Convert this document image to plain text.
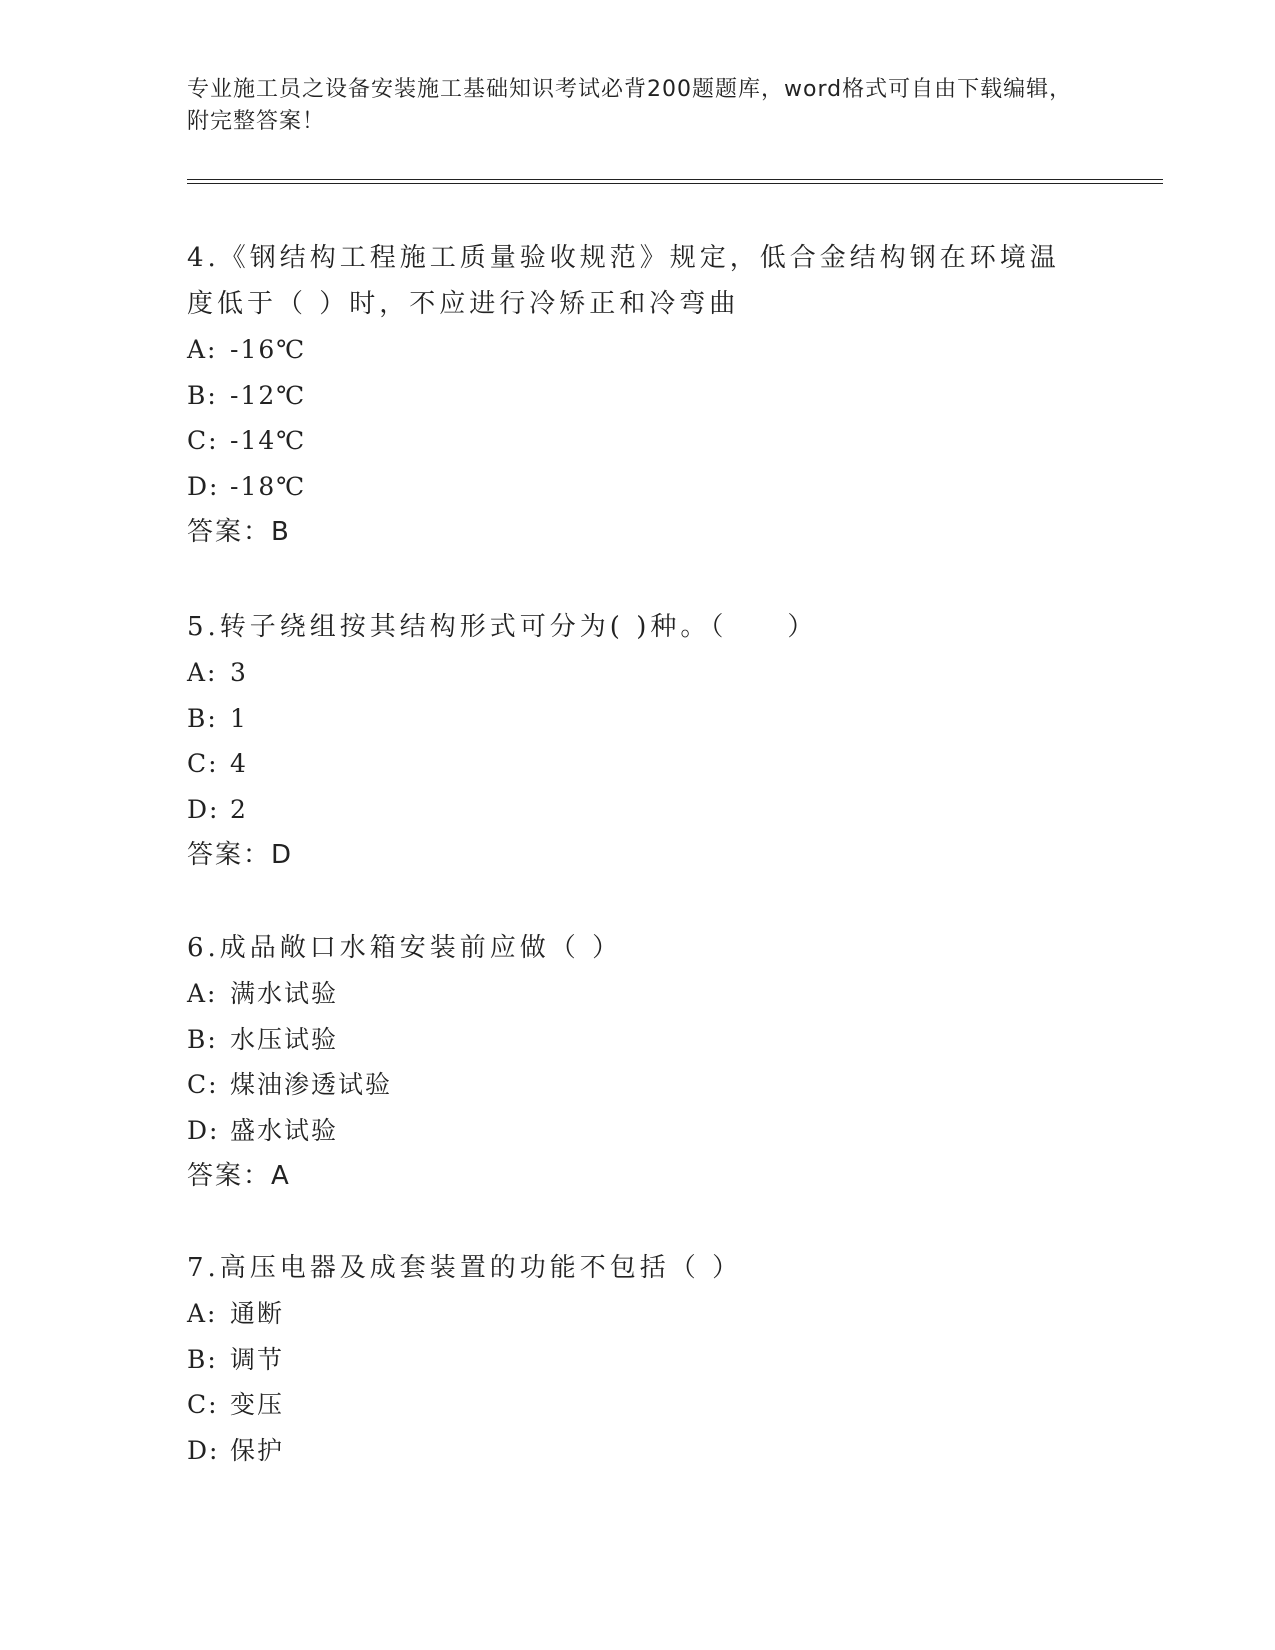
专业施工员之设备安装施工基础知识考试必背200题题库，word格式可自由下载编辑，附完整答案！

4.《钢结构工程施工质量验收规范》规定，低合金结构钢在环境温度低于（ ）时，不应进行冷矫正和冷弯曲

A: -16℃

B: -12℃

C: -14℃

D: -18℃

答案：B

5.转子绕组按其结构形式可分为( )种。（　　）

A: 3

B: 1

C: 4

D: 2

答案：D

6.成品敞口水箱安装前应做（ ）

A: 满水试验

B: 水压试验

C: 煤油渗透试验

D: 盛水试验

答案：A

7.高压电器及成套装置的功能不包括（ ）

A: 通断

B: 调节

C: 变压

D: 保护
